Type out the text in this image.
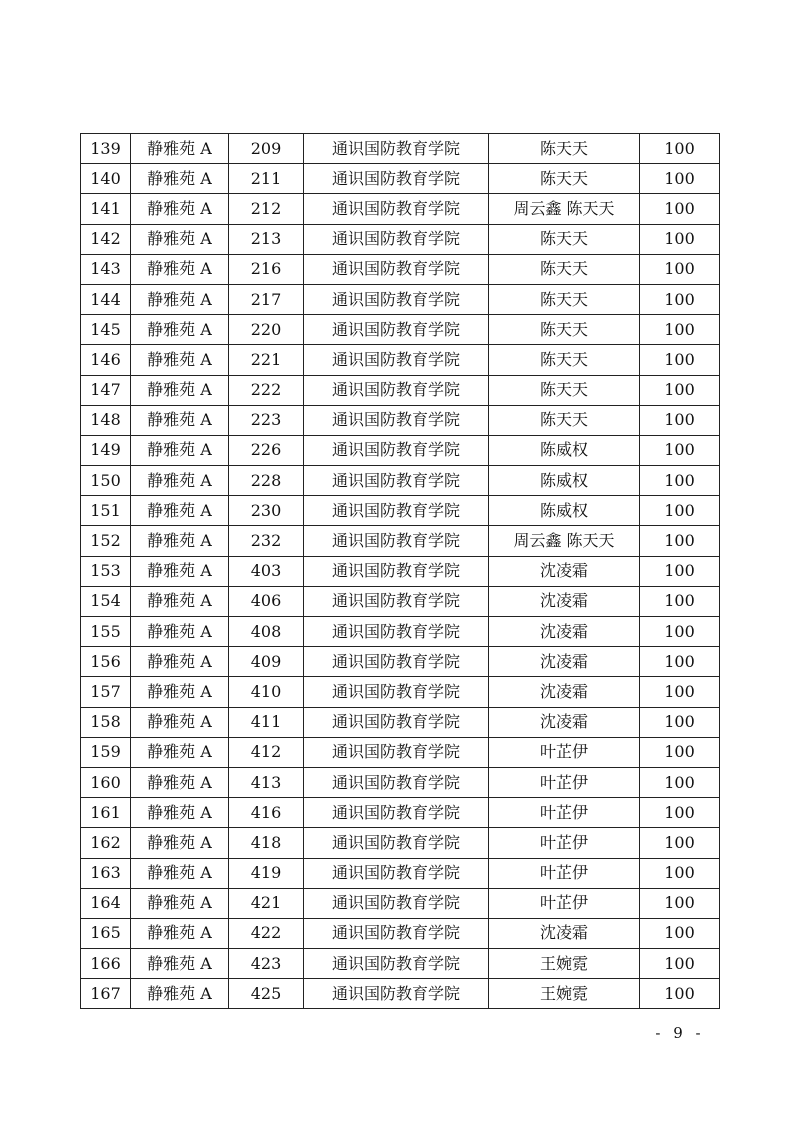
139	静雅苑 A	209	通识国防教育学院	陈天天	100
140	静雅苑 A	211	通识国防教育学院	陈天天	100
141	静雅苑 A	212	通识国防教育学院	周云鑫 陈天天	100
142	静雅苑 A	213	通识国防教育学院	陈天天	100
143	静雅苑 A	216	通识国防教育学院	陈天天	100
144	静雅苑 A	217	通识国防教育学院	陈天天	100
145	静雅苑 A	220	通识国防教育学院	陈天天	100
146	静雅苑 A	221	通识国防教育学院	陈天天	100
147	静雅苑 A	222	通识国防教育学院	陈天天	100
148	静雅苑 A	223	通识国防教育学院	陈天天	100
149	静雅苑 A	226	通识国防教育学院	陈威权	100
150	静雅苑 A	228	通识国防教育学院	陈威权	100
151	静雅苑 A	230	通识国防教育学院	陈威权	100
152	静雅苑 A	232	通识国防教育学院	周云鑫 陈天天	100
153	静雅苑 A	403	通识国防教育学院	沈凌霜	100
154	静雅苑 A	406	通识国防教育学院	沈凌霜	100
155	静雅苑 A	408	通识国防教育学院	沈凌霜	100
156	静雅苑 A	409	通识国防教育学院	沈凌霜	100
157	静雅苑 A	410	通识国防教育学院	沈凌霜	100
158	静雅苑 A	411	通识国防教育学院	沈凌霜	100
159	静雅苑 A	412	通识国防教育学院	叶芷伊	100
160	静雅苑 A	413	通识国防教育学院	叶芷伊	100
161	静雅苑 A	416	通识国防教育学院	叶芷伊	100
162	静雅苑 A	418	通识国防教育学院	叶芷伊	100
163	静雅苑 A	419	通识国防教育学院	叶芷伊	100
164	静雅苑 A	421	通识国防教育学院	叶芷伊	100
165	静雅苑 A	422	通识国防教育学院	沈凌霜	100
166	静雅苑 A	423	通识国防教育学院	王婉霓	100
167	静雅苑 A	425	通识国防教育学院	王婉霓	100
- 9 -
